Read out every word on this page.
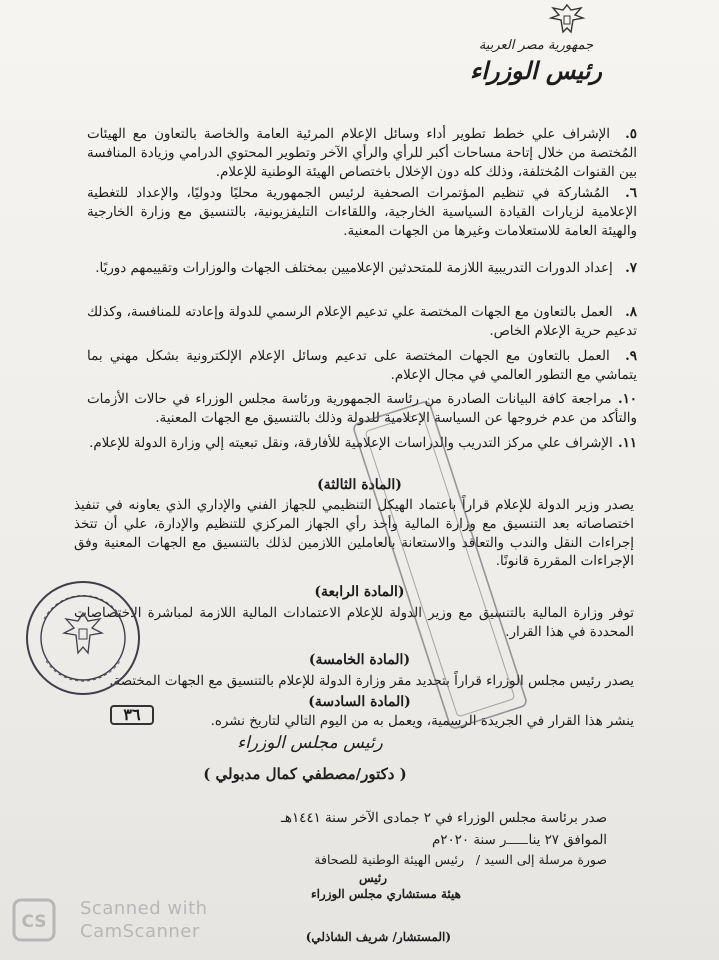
جمهورية مصر العربية
رئيس الوزراء
٥. الإشراف علي خطط تطوير أداء وسائل الإعلام المرئية العامة والخاصة بالتعاون مع الهيئات المُختصة من خلال إتاحة مساحات أكبر للرأي والرأي الآخر وتطوير المحتوي الدرامي وزيادة المنافسة بين القنوات المُختلفة، وذلك كله دون الإخلال باختصاص الهيئة الوطنية للإعلام.
٦. المُشاركة في تنظيم المؤتمرات الصحفية لرئيس الجمهورية محليًا ودوليًا، والإعداد للتغطية الإعلامية لزيارات القيادة السياسية الخارجية، واللقاءات التليفزيونية، بالتنسيق مع وزارة الخارجية والهيئة العامة للاستعلامات وغيرها من الجهات المعنية.
٧. إعداد الدورات التدريبية اللازمة للمتحدثين الإعلاميين بمختلف الجهات والوزارات وتقييمهم دوريًا.
٨. العمل بالتعاون مع الجهات المختصة علي تدعيم الإعلام الرسمي للدولة وإعادته للمنافسة، وكذلك تدعيم حرية الإعلام الخاص.
٩. العمل بالتعاون مع الجهات المختصة على تدعيم وسائل الإعلام الإلكترونية بشكل مهني بما يتماشي مع التطور العالمي في مجال الإعلام.
١٠. مراجعة كافة البيانات الصادرة من رئاسة الجمهورية ورئاسة مجلس الوزراء في حالات الأزمات والتأكد من عدم خروجها عن السياسة الإعلامية للدولة وذلك بالتنسيق مع الجهات المعنية.
١١. الإشراف علي مركز التدريب والدراسات الإعلامية للأفارقة، ونقل تبعيته إلي وزارة الدولة للإعلام.
(المادة الثالثة)
يصدر وزير الدولة للإعلام قراراً باعتماد الهيكل التنظيمي للجهاز الفني والإداري الذي يعاونه في تنفيذ اختصاصاته بعد التنسيق مع وزارة المالية وأخذ رأي الجهاز المركزي للتنظيم والإدارة، علي أن تتخذ إجراءات النقل والندب والتعاقد والاستعانة بالعاملين اللازمين لذلك بالتنسيق مع الجهات المعنية وفق الإجراءات المقررة قانونًا.
(المادة الرابعة)
توفر وزارة المالية بالتنسيق مع وزير الدولة للإعلام الاعتمادات المالية اللازمة لمباشرة الاختصاصات المحددة في هذا القرار.
(المادة الخامسة)
يصدر رئيس مجلس الوزراء قراراً بتحديد مقر وزارة الدولة للإعلام بالتنسيق مع الجهات المختصة.
(المادة السادسة)
ينشر هذا القرار في الجريدة الرسمية، ويعمل به من اليوم التالي لتاريخ نشره.
رئيس مجلس الوزراء
( دكتور/مصطفي كمال مدبولي )
صدر برئاسة مجلس الوزراء في ٢ جمادى الآخر سنة ١٤٤١هـ
الموافق ٢٧ ينار سنة ٢٠٢٠م
صورة مرسلة إلى السيد /
رئيس الهيئة الوطنية للصحافة
رئيس
هيئة مستشاري مجلس الوزراء
(المستشار/ شريف الشاذلي)
٣٦
CS
Scanned with
CamScanner
